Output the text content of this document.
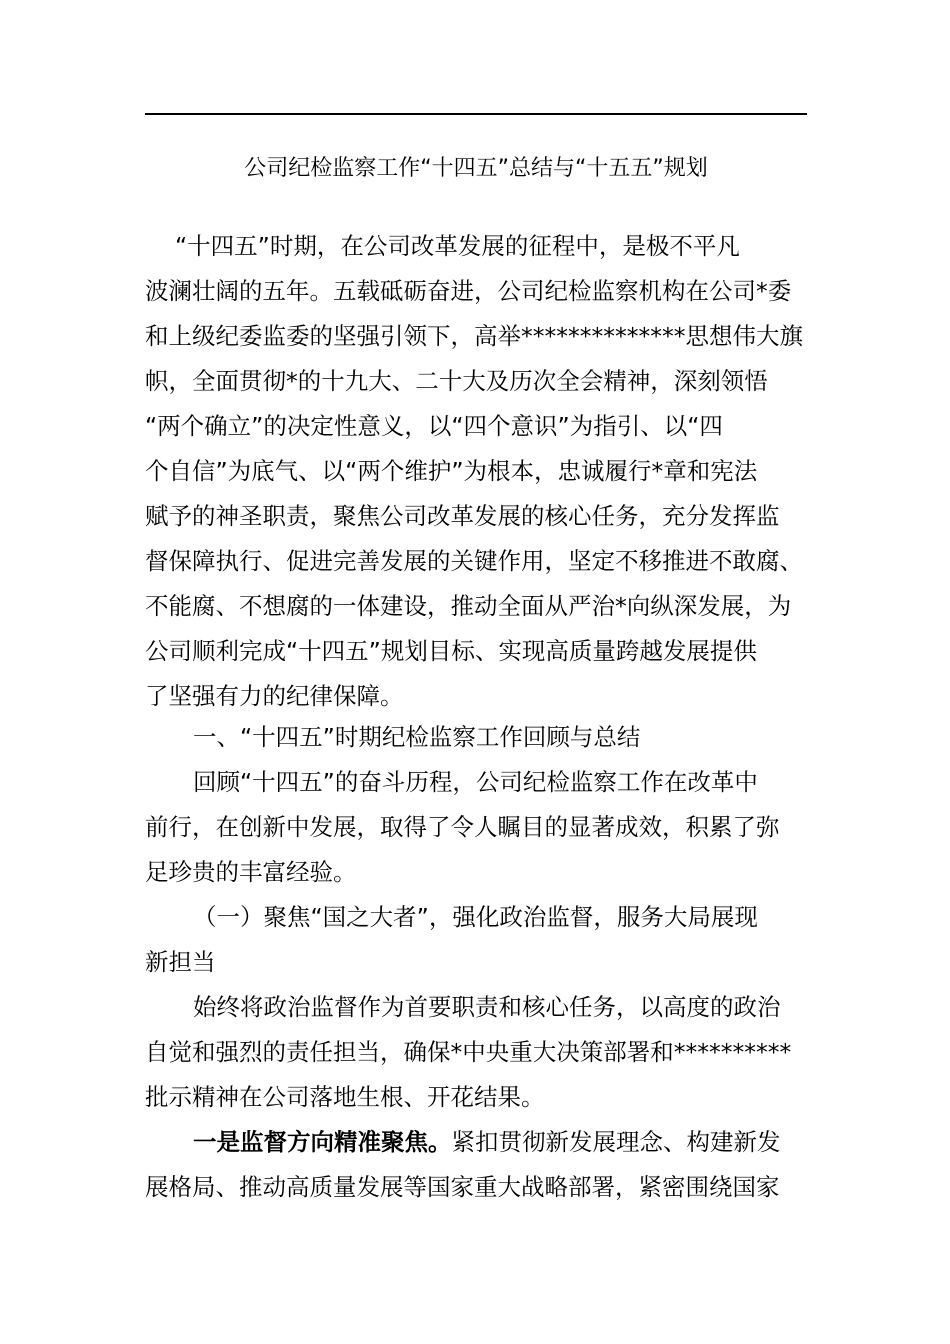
公司纪检监察工作“十四五”总结与“十五五”规划
“十四五”时期，在公司改革发展的征程中，是极不平凡
波澜壮阔的五年。五载砥砺奋进，公司纪检监察机构在公司*委
和上级纪委监委的坚强引领下，高举**************思想伟大旗
帜，全面贯彻*的十九大、二十大及历次全会精神，深刻领悟
“两个确立”的决定性意义，以“四个意识”为指引、以“四
个自信”为底气、以“两个维护”为根本，忠诚履行*章和宪法
赋予的神圣职责，聚焦公司改革发展的核心任务，充分发挥监
督保障执行、促进完善发展的关键作用，坚定不移推进不敢腐、
不能腐、不想腐的一体建设，推动全面从严治*向纵深发展，为
公司顺利完成“十四五”规划目标、实现高质量跨越发展提供
了坚强有力的纪律保障。
一、“十四五”时期纪检监察工作回顾与总结
回顾“十四五”的奋斗历程，公司纪检监察工作在改革中
前行，在创新中发展，取得了令人瞩目的显著成效，积累了弥
足珍贵的丰富经验。
（一）聚焦“国之大者”，强化政治监督，服务大局展现
新担当
始终将政治监督作为首要职责和核心任务，以高度的政治
自觉和强烈的责任担当，确保*中央重大决策部署和**********
批示精神在公司落地生根、开花结果。
一是监督方向精准聚焦。紧扣贯彻新发展理念、构建新发
展格局、推动高质量发展等国家重大战略部署，紧密围绕国家
